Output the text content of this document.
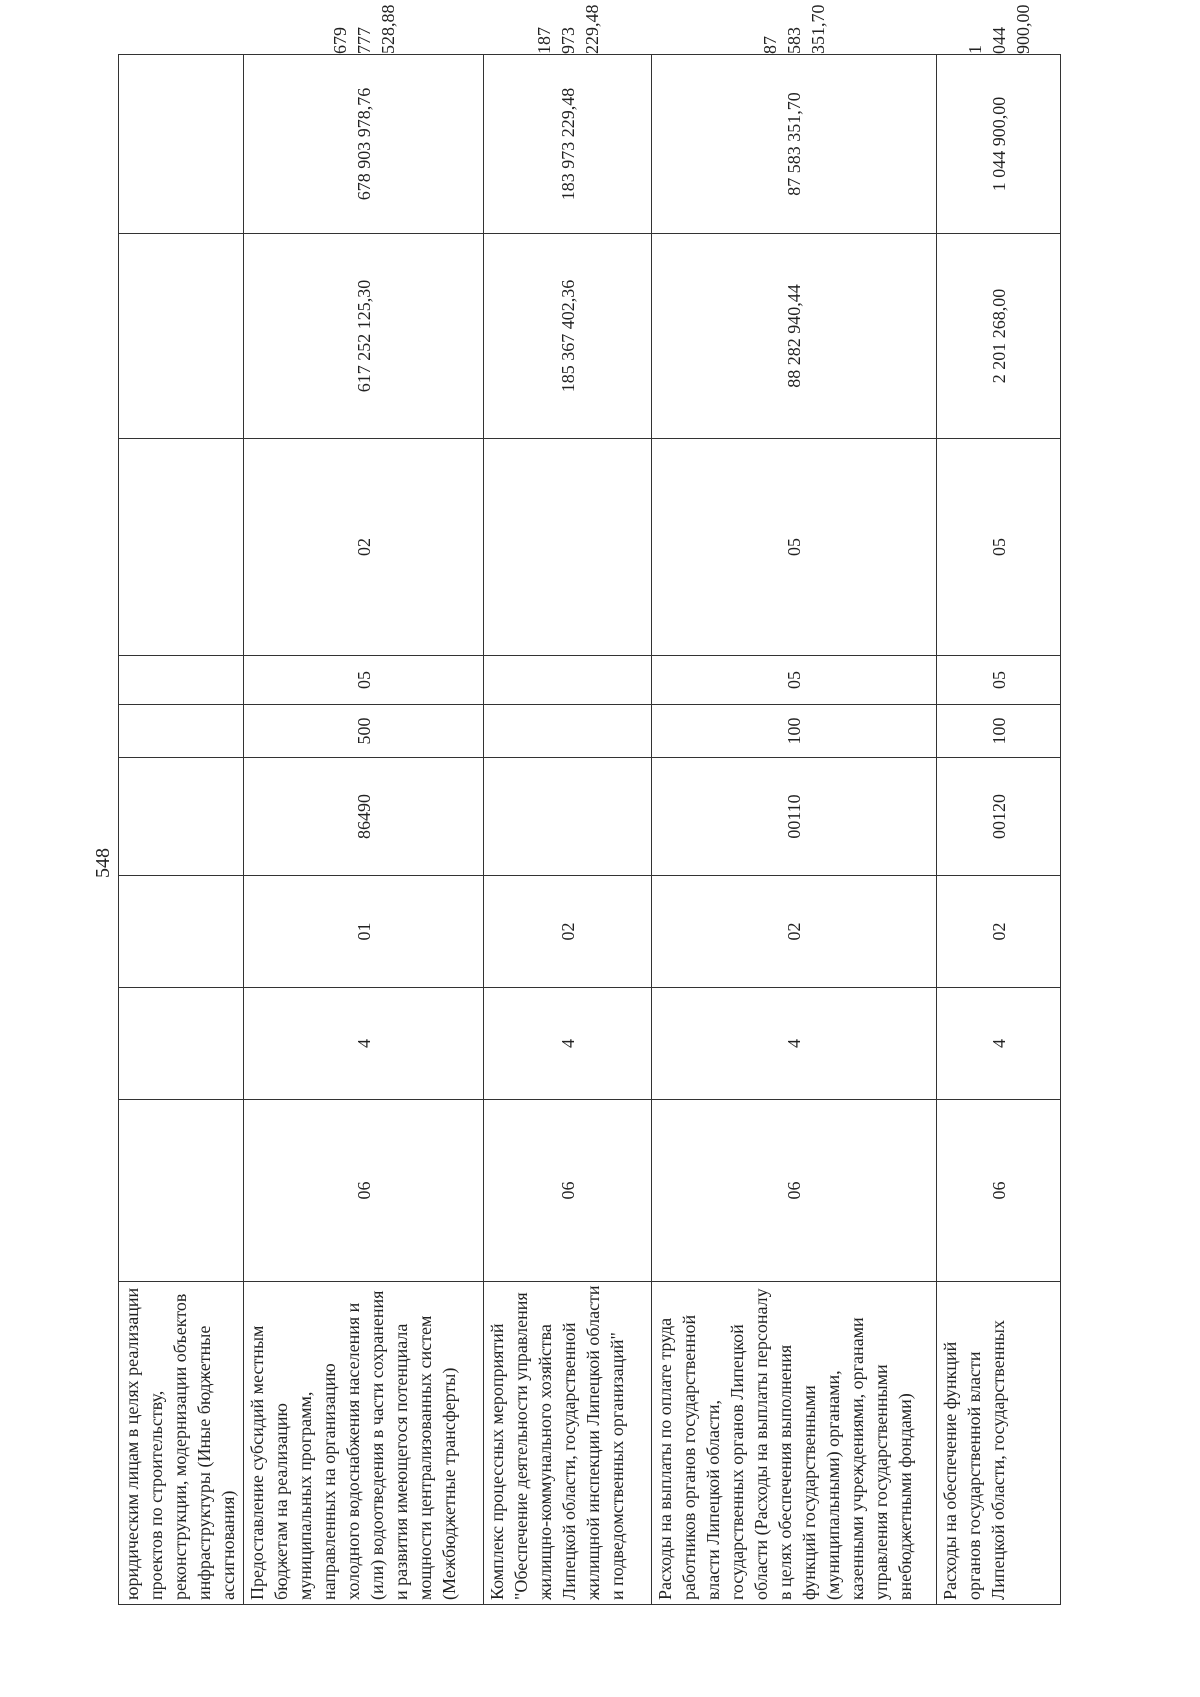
548
юридическим лицам в целях реализации проектов по строительству, реконструкции, модернизации объектов инфраструктуры (Иные бюджетные ассигнования)										
Предоставление субсидий местным бюджетам на реализацию муниципальных программ, направленных на организацию холодного водоснабжения населения и (или) водоотведения в части сохранения и развития имеющегося потенциала мощности централизованных систем (Межбюджетные трансферты)	06	4	01	86490	500	05	02	617 252 125,30	678 903 978,76	679 777 528,88
Комплекс процессных мероприятий "Обеспечение деятельности управления жилищно-коммунального хозяйства Липецкой области, государственной жилищной инспекции Липецкой области и подведомственных организаций"	06	4	02					185 367 402,36	183 973 229,48	187 973 229,48
Расходы на выплаты по оплате труда работников органов государственной власти Липецкой области, государственных органов Липецкой области (Расходы на выплаты персоналу в целях обеспечения выполнения функций государственными (муниципальными) органами, казенными учреждениями, органами управления государственными внебюджетными фондами)	06	4	02	00110	100	05	05	88 282 940,44	87 583 351,70	87 583 351,70
Расходы на обеспечение функций органов государственной власти Липецкой области, государственных	06	4	02	00120	100	05	05	2 201 268,00	1 044 900,00	1 044 900,00
